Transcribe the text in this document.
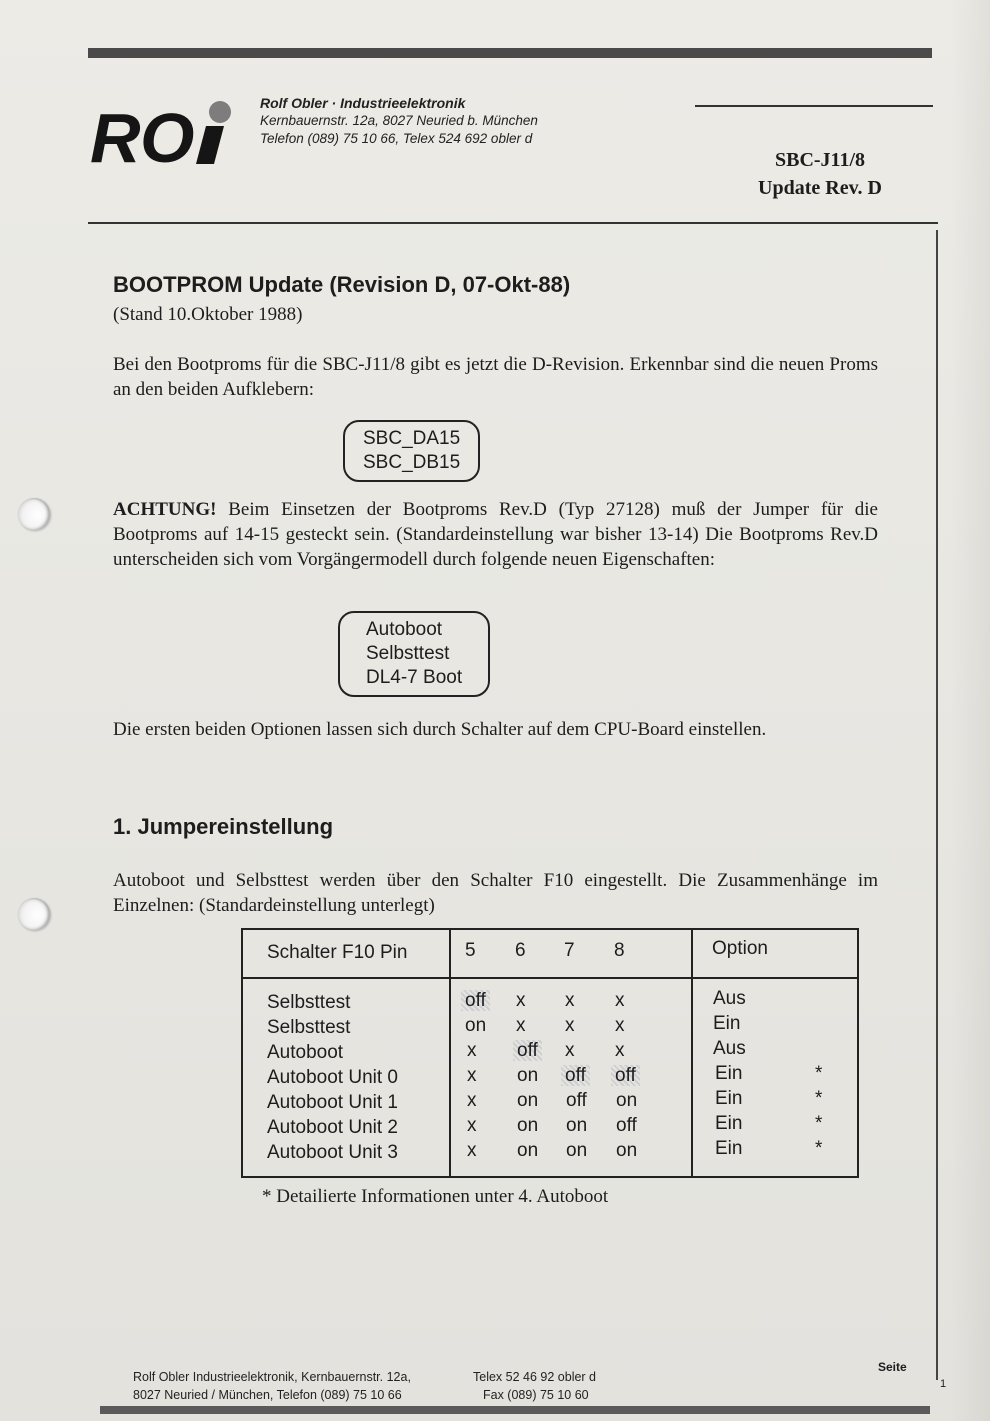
R O	Rolf Obler · Industrieelektronik
Kernbauernstr. 12a, 8027 Neuried b. München
Telefon (089) 75 10 66, Telex 524 692 obler d
SBC-J11/8
Update Rev. D
BOOTPROM Update (Revision D, 07-Okt-88)
(Stand 10.Oktober 1988)
Bei den Bootproms für die SBC-J11/8 gibt es jetzt die D-Revision. Erkennbar sind die neuen Proms an den beiden Aufklebern:
SBC_DA15
SBC_DB15
ACHTUNG! Beim Einsetzen der Bootproms Rev.D (Typ 27128) muß der Jumper für die Bootproms auf 14-15 gesteckt sein. (Standardeinstellung war bisher 13-14) Die Bootproms Rev.D unterscheiden sich vom Vorgängermodell durch folgende neuen Eigenschaften:
Autoboot
Selbsttest
DL4-7 Boot
Die ersten beiden Optionen lassen sich durch Schalter auf dem CPU-Board einstellen.
1. Jumpereinstellung
Autoboot und Selbsttest werden über den Schalter F10 eingestellt. Die Zusammenhänge im Einzelnen: (Standardeinstellung unterlegt)
Schalter F10 Pin	5 6 7 8	Option
Selbsttest	off x x x	Aus
Selbsttest	on x x x	Ein
Autoboot	x off x x	Aus
Autoboot Unit 0	x on off off	Ein	*
Autoboot Unit 1	x on off on	Ein	*
Autoboot Unit 2	x on on off	Ein	*
Autoboot Unit 3	x on on on	Ein	*
* Detailierte Informationen unter 4. Autoboot
Rolf Obler Industrieelektronik, Kernbauernstr. 12a,
8027 Neuried / München, Telefon (089) 75 10 66
Telex 52 46 92 obler d
Fax (089) 75 10 60
Seite
1
